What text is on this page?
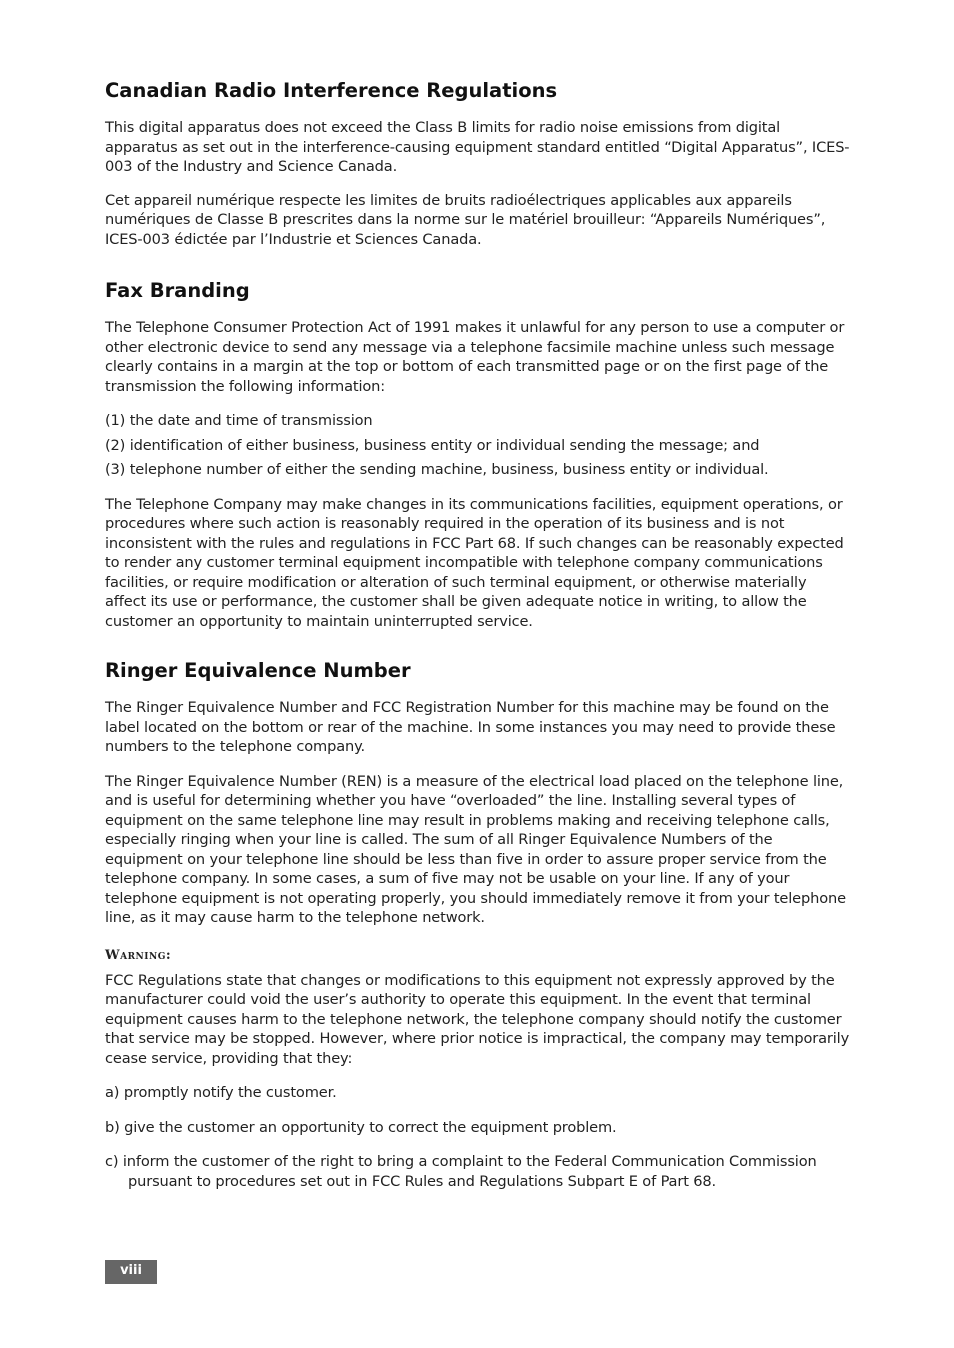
Canadian Radio Interference Regulations

This digital apparatus does not exceed the Class B limits for radio noise emissions from digital apparatus as set out in the interference-causing equipment standard entitled “Digital Apparatus”, ICES-003 of the Industry and Science Canada.

Cet appareil numérique respecte les limites de bruits radioélectriques applicables aux appareils numériques de Classe B prescrites dans la norme sur le matériel brouilleur: “Appareils Numériques”, ICES-003 édictée par l’Industrie et Sciences Canada.

Fax Branding

The Telephone Consumer Protection Act of 1991 makes it unlawful for any person to use a computer or other electronic device to send any message via a telephone facsimile machine unless such message clearly contains in a margin at the top or bottom of each transmitted page or on the first page of the transmission the following information:

(1) the date and time of transmission

(2) identification of either business, business entity or individual sending the message; and

(3) telephone number of either the sending machine, business, business entity or individual.

The Telephone Company may make changes in its communications facilities, equipment operations, or procedures where such action is reasonably required in the operation of its business and is not inconsistent with the rules and regulations in FCC Part 68. If such changes can be reasonably expected to render any customer terminal equipment incompatible with telephone company communications facilities, or require modification or alteration of such terminal equipment, or otherwise materially affect its use or performance, the customer shall be given adequate notice in writing, to allow the customer an opportunity to maintain uninterrupted service.

Ringer Equivalence Number

The Ringer Equivalence Number and FCC Registration Number for this machine may be found on the label located on the bottom or rear of the machine. In some instances you may need to provide these numbers to the telephone company.

The Ringer Equivalence Number (REN) is a measure of the electrical load placed on the telephone line, and is useful for determining whether you have “overloaded” the line. Installing several types of equipment on the same telephone line may result in problems making and receiving telephone calls, especially ringing when your line is called. The sum of all Ringer Equivalence Numbers of the equipment on your telephone line should be less than five in order to assure proper service from the telephone company. In some cases, a sum of five may not be usable on your line. If any of your telephone equipment is not operating properly, you should immediately remove it from your telephone line, as it may cause harm to the telephone network.

Warning:

FCC Regulations state that changes or modifications to this equipment not expressly approved by the manufacturer could void the user’s authority to operate this equipment. In the event that terminal equipment causes harm to the telephone network, the telephone company should notify the customer that service may be stopped. However, where prior notice is impractical, the company may temporarily cease service, providing that they:

a) promptly notify the customer.

b) give the customer an opportunity to correct the equipment problem.

c) inform the customer of the right to bring a complaint to the Federal Communication Commission pursuant to procedures set out in FCC Rules and Regulations Subpart E of Part 68.

viii
